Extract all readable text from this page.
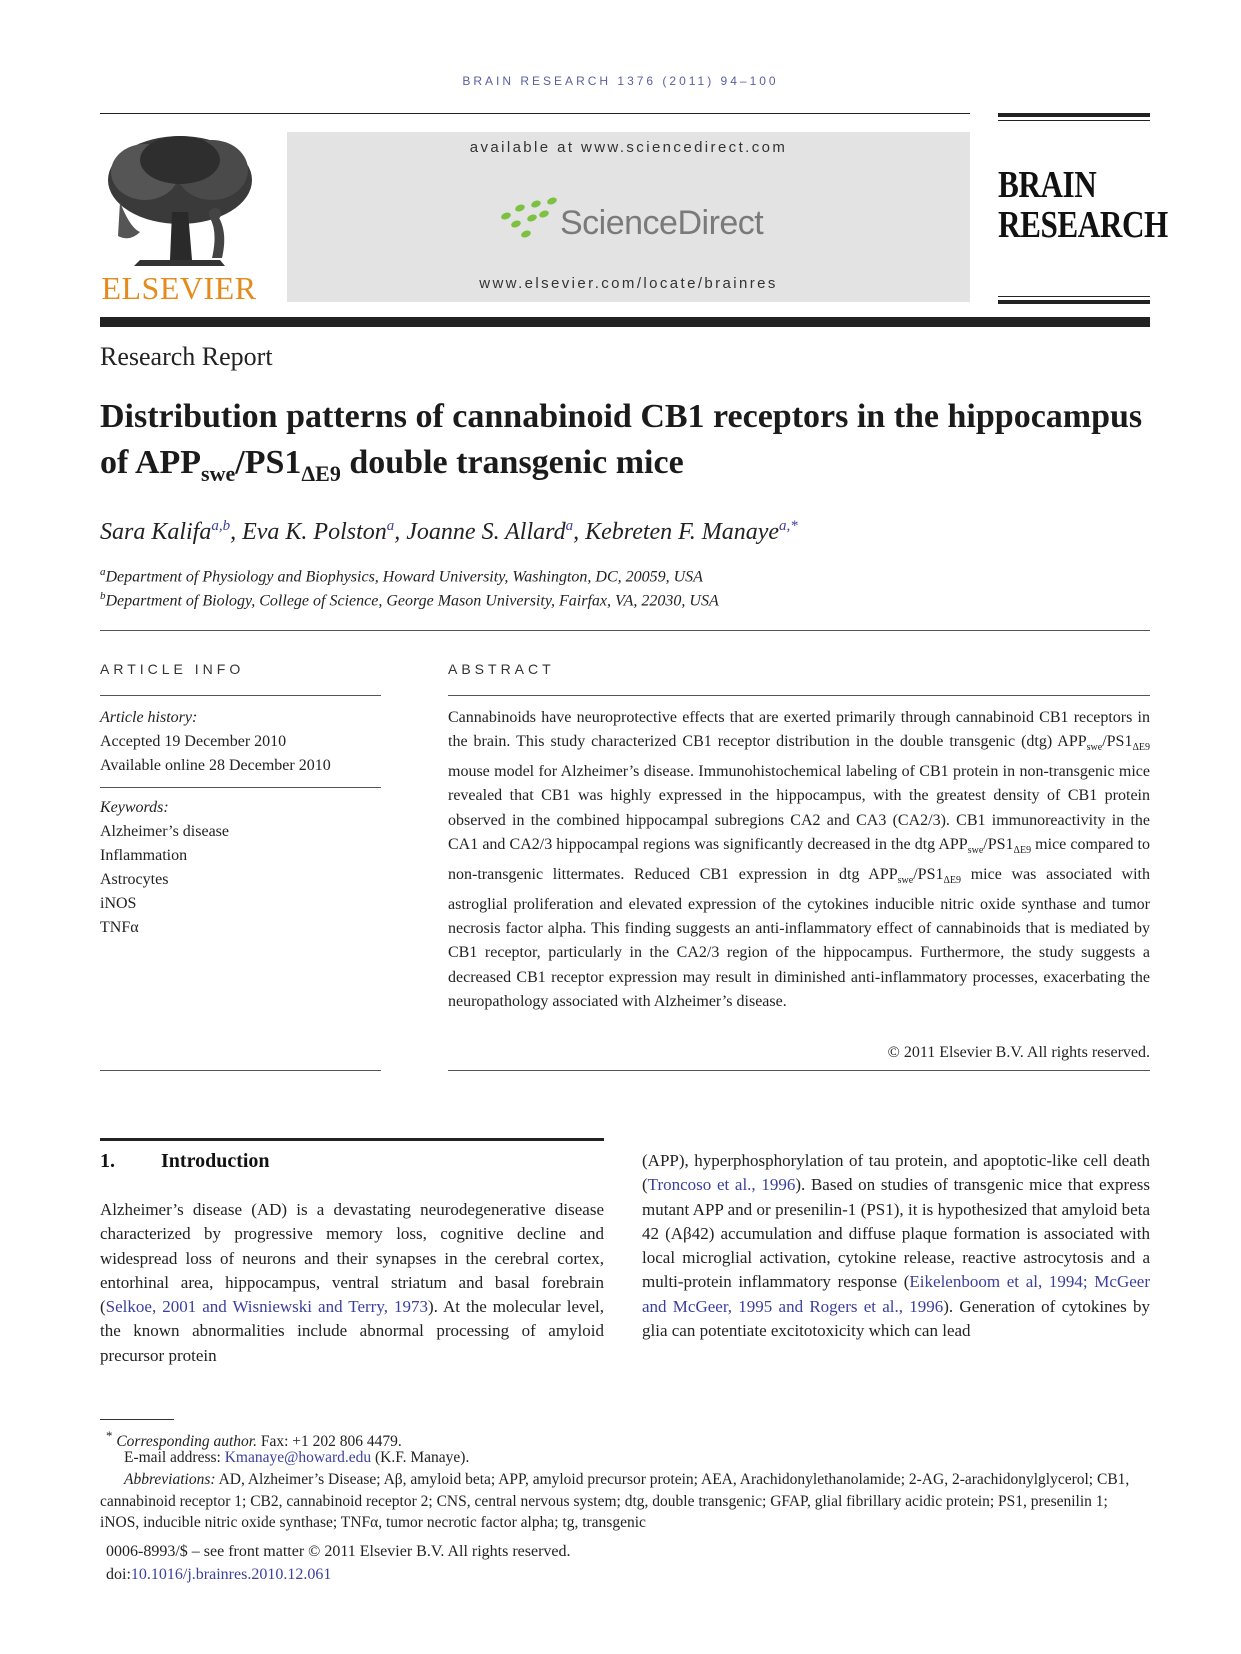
BRAIN RESEARCH 1376 (2011) 94–100
ELSEVIER
available at www.sciencedirect.com
ScienceDirect
www.elsevier.com/locate/brainres
BRAIN
RESEARCH
Research Report
Distribution patterns of cannabinoid CB1 receptors in the hippocampus of $APP_{swe}/PS1_{\Delta E9}$ double transgenic mice
Sara Kalifa$^{a,b}$, Eva K. Polston$^a$, Joanne S. Allard$^a$, Kebreten F. Manaye$^{a,*}$
$^a$Department of Physiology and Biophysics, Howard University, Washington, DC, 20059, USA
$^b$Department of Biology, College of Science, George Mason University, Fairfax, VA, 22030, USA
ARTICLE INFO
Article history:
Accepted 19 December 2010
Available online 28 December 2010
Keywords:
Alzheimer’s disease
Inflammation
Astrocytes
iNOS
TNFα
ABSTRACT
Cannabinoids have neuroprotective effects that are exerted primarily through cannabinoid CB1 receptors in the brain. This study characterized CB1 receptor distribution in the double transgenic (dtg) $APP_{swe}/PS1_{\Delta E9}$ mouse model for Alzheimer’s disease. Immunohistochemical labeling of CB1 protein in non-transgenic mice revealed that CB1 was highly expressed in the hippocampus, with the greatest density of CB1 protein observed in the combined hippocampal subregions CA2 and CA3 (CA2/3). CB1 immunoreactivity in the CA1 and CA2/3 hippocampal regions was significantly decreased in the dtg $APP_{swe}/PS1_{\Delta E9}$ mice compared to non-transgenic littermates. Reduced CB1 expression in dtg $APP_{swe}/PS1_{\Delta E9}$ mice was associated with astroglial proliferation and elevated expression of the cytokines inducible nitric oxide synthase and tumor necrosis factor alpha. This finding suggests an anti-inflammatory effect of cannabinoids that is mediated by CB1 receptor, particularly in the CA2/3 region of the hippocampus. Furthermore, the study suggests a decreased CB1 receptor expression may result in diminished anti-inflammatory processes, exacerbating the neuropathology associated with Alzheimer’s disease.
© 2011 Elsevier B.V. All rights reserved.
1. Introduction
Alzheimer’s disease (AD) is a devastating neurodegenerative disease characterized by progressive memory loss, cognitive decline and widespread loss of neurons and their synapses in the cerebral cortex, entorhinal area, hippocampus, ventral striatum and basal forebrain (Selkoe, 2001 and Wisniewski and Terry, 1973). At the molecular level, the known abnormalities include abnormal processing of amyloid precursor protein
(APP), hyperphosphorylation of tau protein, and apoptotic-like cell death (Troncoso et al., 1996). Based on studies of transgenic mice that express mutant APP and or presenilin-1 (PS1), it is hypothesized that amyloid beta 42 (Aβ42) accumulation and diffuse plaque formation is associated with local microglial activation, cytokine release, reactive astrocytosis and a multi-protein inflammatory response (Eikelenboom et al, 1994; McGeer and McGeer, 1995 and Rogers et al., 1996). Generation of cytokines by glia can potentiate excitotoxicity which can lead
* Corresponding author. Fax: +1 202 806 4479.
E-mail address: Kmanaye@howard.edu (K.F. Manaye).
Abbreviations: AD, Alzheimer’s Disease; Aβ, amyloid beta; APP, amyloid precursor protein; AEA, Arachidonylethanolamide; 2-AG, 2-arachidonylglycerol; CB1, cannabinoid receptor 1; CB2, cannabinoid receptor 2; CNS, central nervous system; dtg, double transgenic; GFAP, glial fibrillary acidic protein; PS1, presenilin 1; iNOS, inducible nitric oxide synthase; TNFα, tumor necrotic factor alpha; tg, transgenic
0006-8993/$ – see front matter © 2011 Elsevier B.V. All rights reserved.
doi:10.1016/j.brainres.2010.12.061
